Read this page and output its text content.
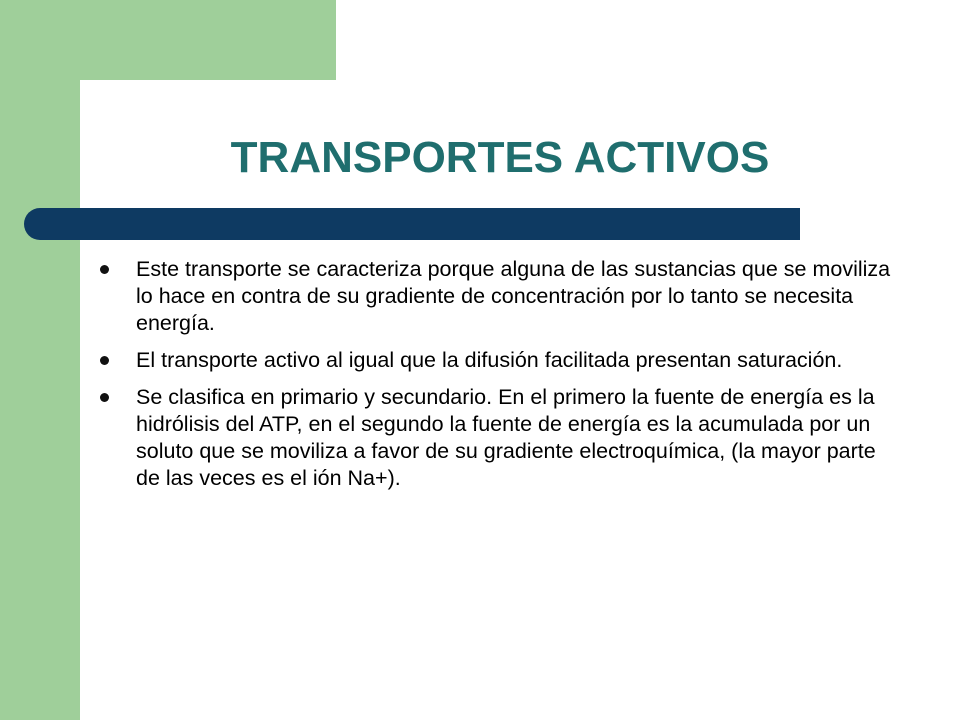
TRANSPORTES ACTIVOS
Este transporte se caracteriza porque alguna de las sustancias que se moviliza lo hace en contra de su gradiente de concentración por lo tanto se necesita energía.
El transporte activo al igual que la difusión facilitada presentan saturación.
Se clasifica en primario y secundario. En el primero la fuente de energía es la hidrólisis del ATP, en el segundo la fuente de energía es la acumulada por un soluto que se moviliza a favor de su gradiente electroquímica, (la mayor parte de las veces es el ión Na+).
